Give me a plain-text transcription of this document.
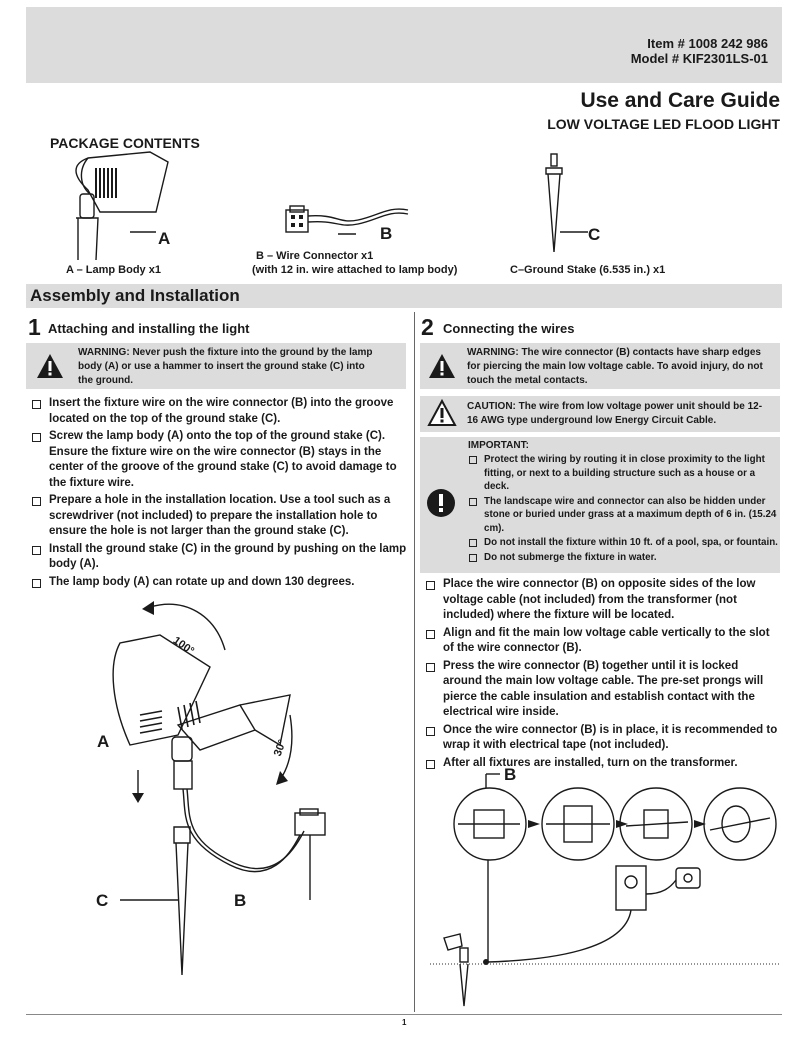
Item # 1008 242 986
Model # KIF2301LS-01
Use and Care Guide
LOW VOLTAGE LED FLOOD LIGHT
PACKAGE CONTENTS
A
A – Lamp Body x1
B
B – Wire Connector x1
(with 12 in. wire attached to lamp body)
C
C–Ground Stake (6.535 in.) x1
Assembly and Installation
1 Attaching and installing the light
WARNING: Never push the fixture into the ground by the lamp body (A) or use a hammer to insert the ground stake (C) into the ground.
Insert the fixture wire on the wire connector (B) into the groove located on the top of the ground stake (C).
Screw the lamp body (A) onto the top of the ground stake (C). Ensure the fixture wire on the wire connector (B) stays in the center of the groove of the ground stake (C) to avoid damage to the fixture wire.
Prepare a hole in the installation location. Use a tool such as a screwdriver (not included) to prepare the installation hole to ensure the hole is not larger than the ground stake (C).
Install the ground stake (C) in the ground by pushing on the lamp body (A).
The lamp body (A) can rotate up and down 130 degrees.
100°
30°
A
C	B
2 Connecting the wires
WARNING: The wire connector (B) contacts have sharp edges for piercing the main low voltage cable. To avoid injury, do not touch the metal contacts.
CAUTION: The wire from low voltage power unit should be 12-16 AWG type underground low Energy Circuit Cable.
IMPORTANT:
Protect the wiring by routing it in close proximity to the light fitting, or next to a building structure such as a house or a deck.
The landscape wire and connector can also be hidden under stone or buried under grass at a maximum depth of 6 in. (15.24 cm).
Do not install the fixture within 10 ft. of a pool, spa, or fountain.
Do not submerge the fixture in water.
Place the wire connector (B) on opposite sides of the low voltage cable (not included) from the transformer (not included) where the fixture will be located.
Align and fit the main low voltage cable vertically to the slot of the wire connector (B).
Press the wire connector (B) together until it is locked around the main low voltage cable. The pre-set prongs will pierce the cable insulation and establish contact with the electrical wire inside.
Once the wire connector (B) is in place, it is recommended to wrap it with electrical tape (not included).
After all fixtures are installed, turn on the transformer.
B
1
